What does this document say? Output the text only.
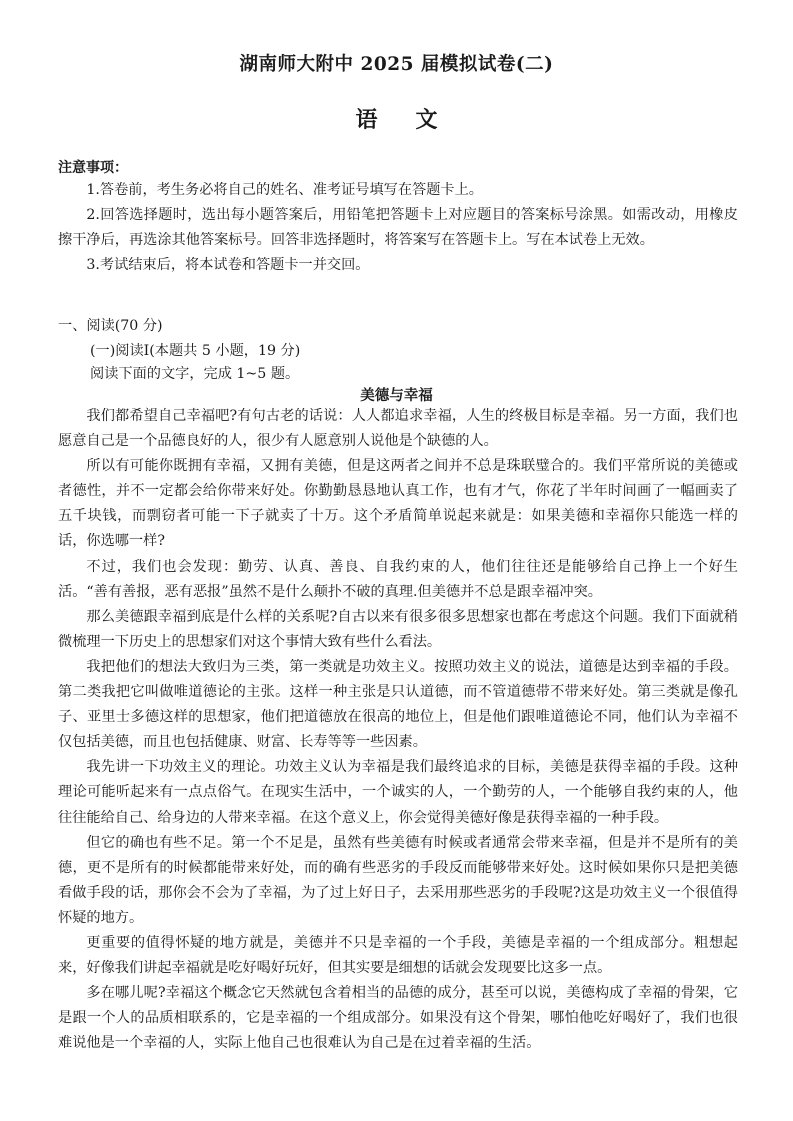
湖南师大附中 2025 届模拟试卷(二)
语文
注意事项：

1.答卷前，考生务必将自己的姓名、准考证号填写在答题卡上。

2.回答选择题时，选出每小题答案后，用铅笔把答题卡上对应题目的答案标号涂黑。如需改动，用橡皮擦干净后，再选涂其他答案标号。回答非选择题时，将答案写在答题卡上。写在本试卷上无效。

3.考试结束后，将本试卷和答题卡一并交回。

一、阅读(70 分)
(一)阅读Ⅰ(本题共 5 小题，19 分)
阅读下面的文字，完成 1~5 题。
美德与幸福

我们都希望自己幸福吧?有句古老的话说：人人都追求幸福，人生的终极目标是幸福。另一方面，我们也愿意自己是一个品德良好的人，很少有人愿意别人说他是个缺德的人。

所以有可能你既拥有幸福，又拥有美德，但是这两者之间并不总是珠联璧合的。我们平常所说的美德或者德性，并不一定都会给你带来好处。你勤勤恳恳地认真工作，也有才气，你花了半年时间画了一幅画卖了五千块钱，而剽窃者可能一下子就卖了十万。这个矛盾简单说起来就是：如果美德和幸福你只能选一样的话，你选哪一样?

不过，我们也会发现：勤劳、认真、善良、自我约束的人，他们往往还是能够给自己挣上一个好生活。“善有善报，恶有恶报”虽然不是什么颠扑不破的真理.但美德并不总是跟幸福冲突。

那么美德跟幸福到底是什么样的关系呢?自古以来有很多很多思想家也都在考虑这个问题。我们下面就稍微梳理一下历史上的思想家们对这个事情大致有些什么看法。

我把他们的想法大致归为三类，第一类就是功效主义。按照功效主义的说法，道德是达到幸福的手段。第二类我把它叫做唯道德论的主张。这样一种主张是只认道德，而不管道德带不带来好处。第三类就是像孔子、亚里士多德这样的思想家，他们把道德放在很高的地位上，但是他们跟唯道德论不同，他们认为幸福不仅包括美德，而且也包括健康、财富、长寿等等一些因素。

我先讲一下功效主义的理论。功效主义认为幸福是我们最终追求的目标，美德是获得幸福的手段。这种理论可能听起来有一点点俗气。在现实生活中，一个诚实的人，一个勤劳的人，一个能够自我约束的人，他往往能给自己、给身边的人带来幸福。在这个意义上，你会觉得美德好像是获得幸福的一种手段。

但它的确也有些不足。第一个不足是，虽然有些美德有时候或者通常会带来幸福，但是并不是所有的美德，更不是所有的时候都能带来好处，而的确有些恶劣的手段反而能够带来好处。这时候如果你只是把美德看做手段的话，那你会不会为了幸福，为了过上好日子，去采用那些恶劣的手段呢?这是功效主义一个很值得怀疑的地方。

更重要的值得怀疑的地方就是，美德并不只是幸福的一个手段，美德是幸福的一个组成部分。粗想起来，好像我们讲起幸福就是吃好喝好玩好，但其实要是细想的话就会发现要比这多一点。

多在哪儿呢?幸福这个概念它天然就包含着相当的品德的成分，甚至可以说，美德构成了幸福的骨架，它是跟一个人的品质相联系的，它是幸福的一个组成部分。如果没有这个骨架，哪怕他吃好喝好了，我们也很难说他是一个幸福的人，实际上他自己也很难认为自己是在过着幸福的生活。
